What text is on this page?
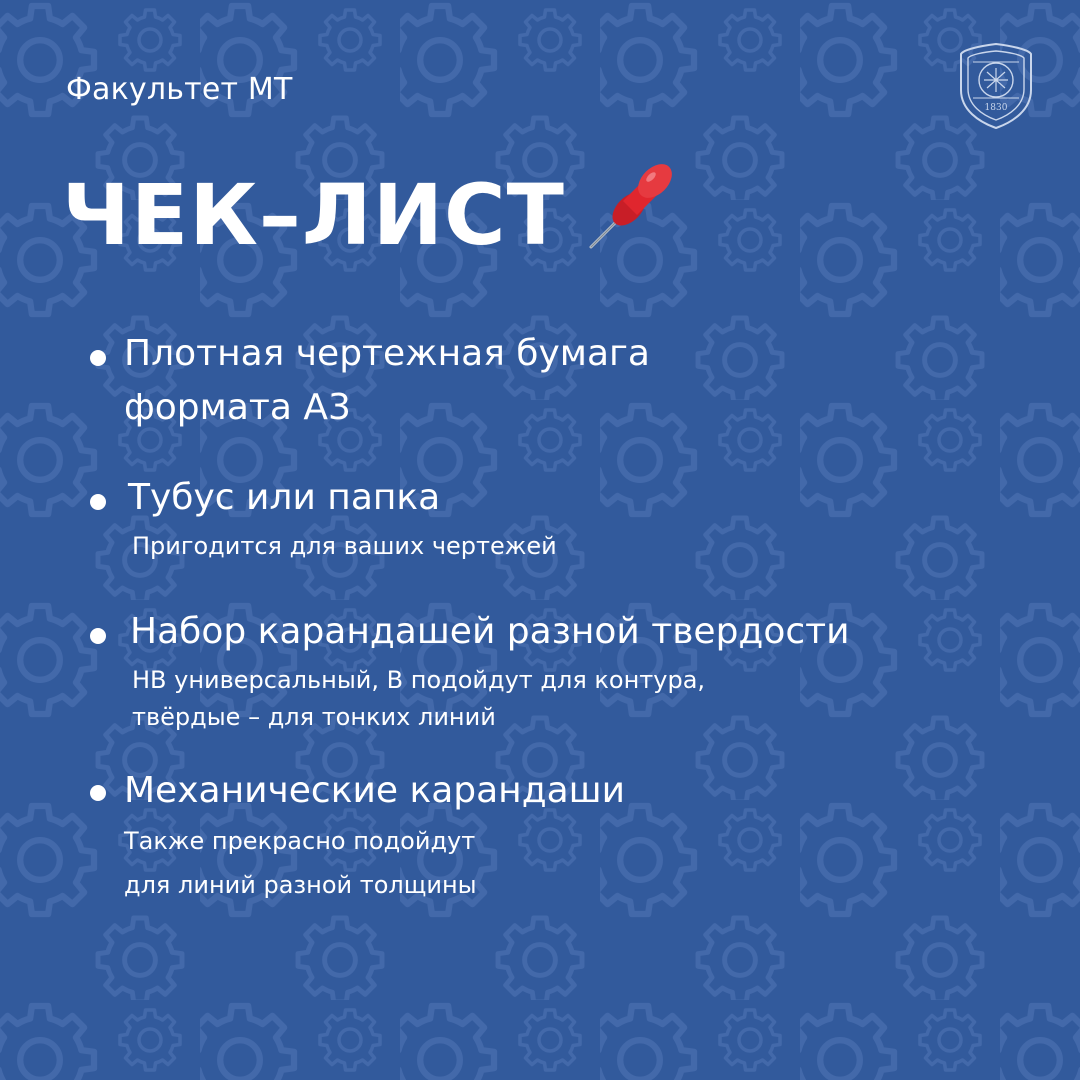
Факультет МТ
1830
ЧЕК–ЛИСТ
Плотная чертежная бумага
формата А3
Тубус или папка
Пригодится для ваших чертежей
Набор карандашей разной твердости
HB универсальный, B подойдут для контура,
твёрдые – для тонких линий
Механические карандаши
Также прекрасно подойдут
для линий разной толщины
